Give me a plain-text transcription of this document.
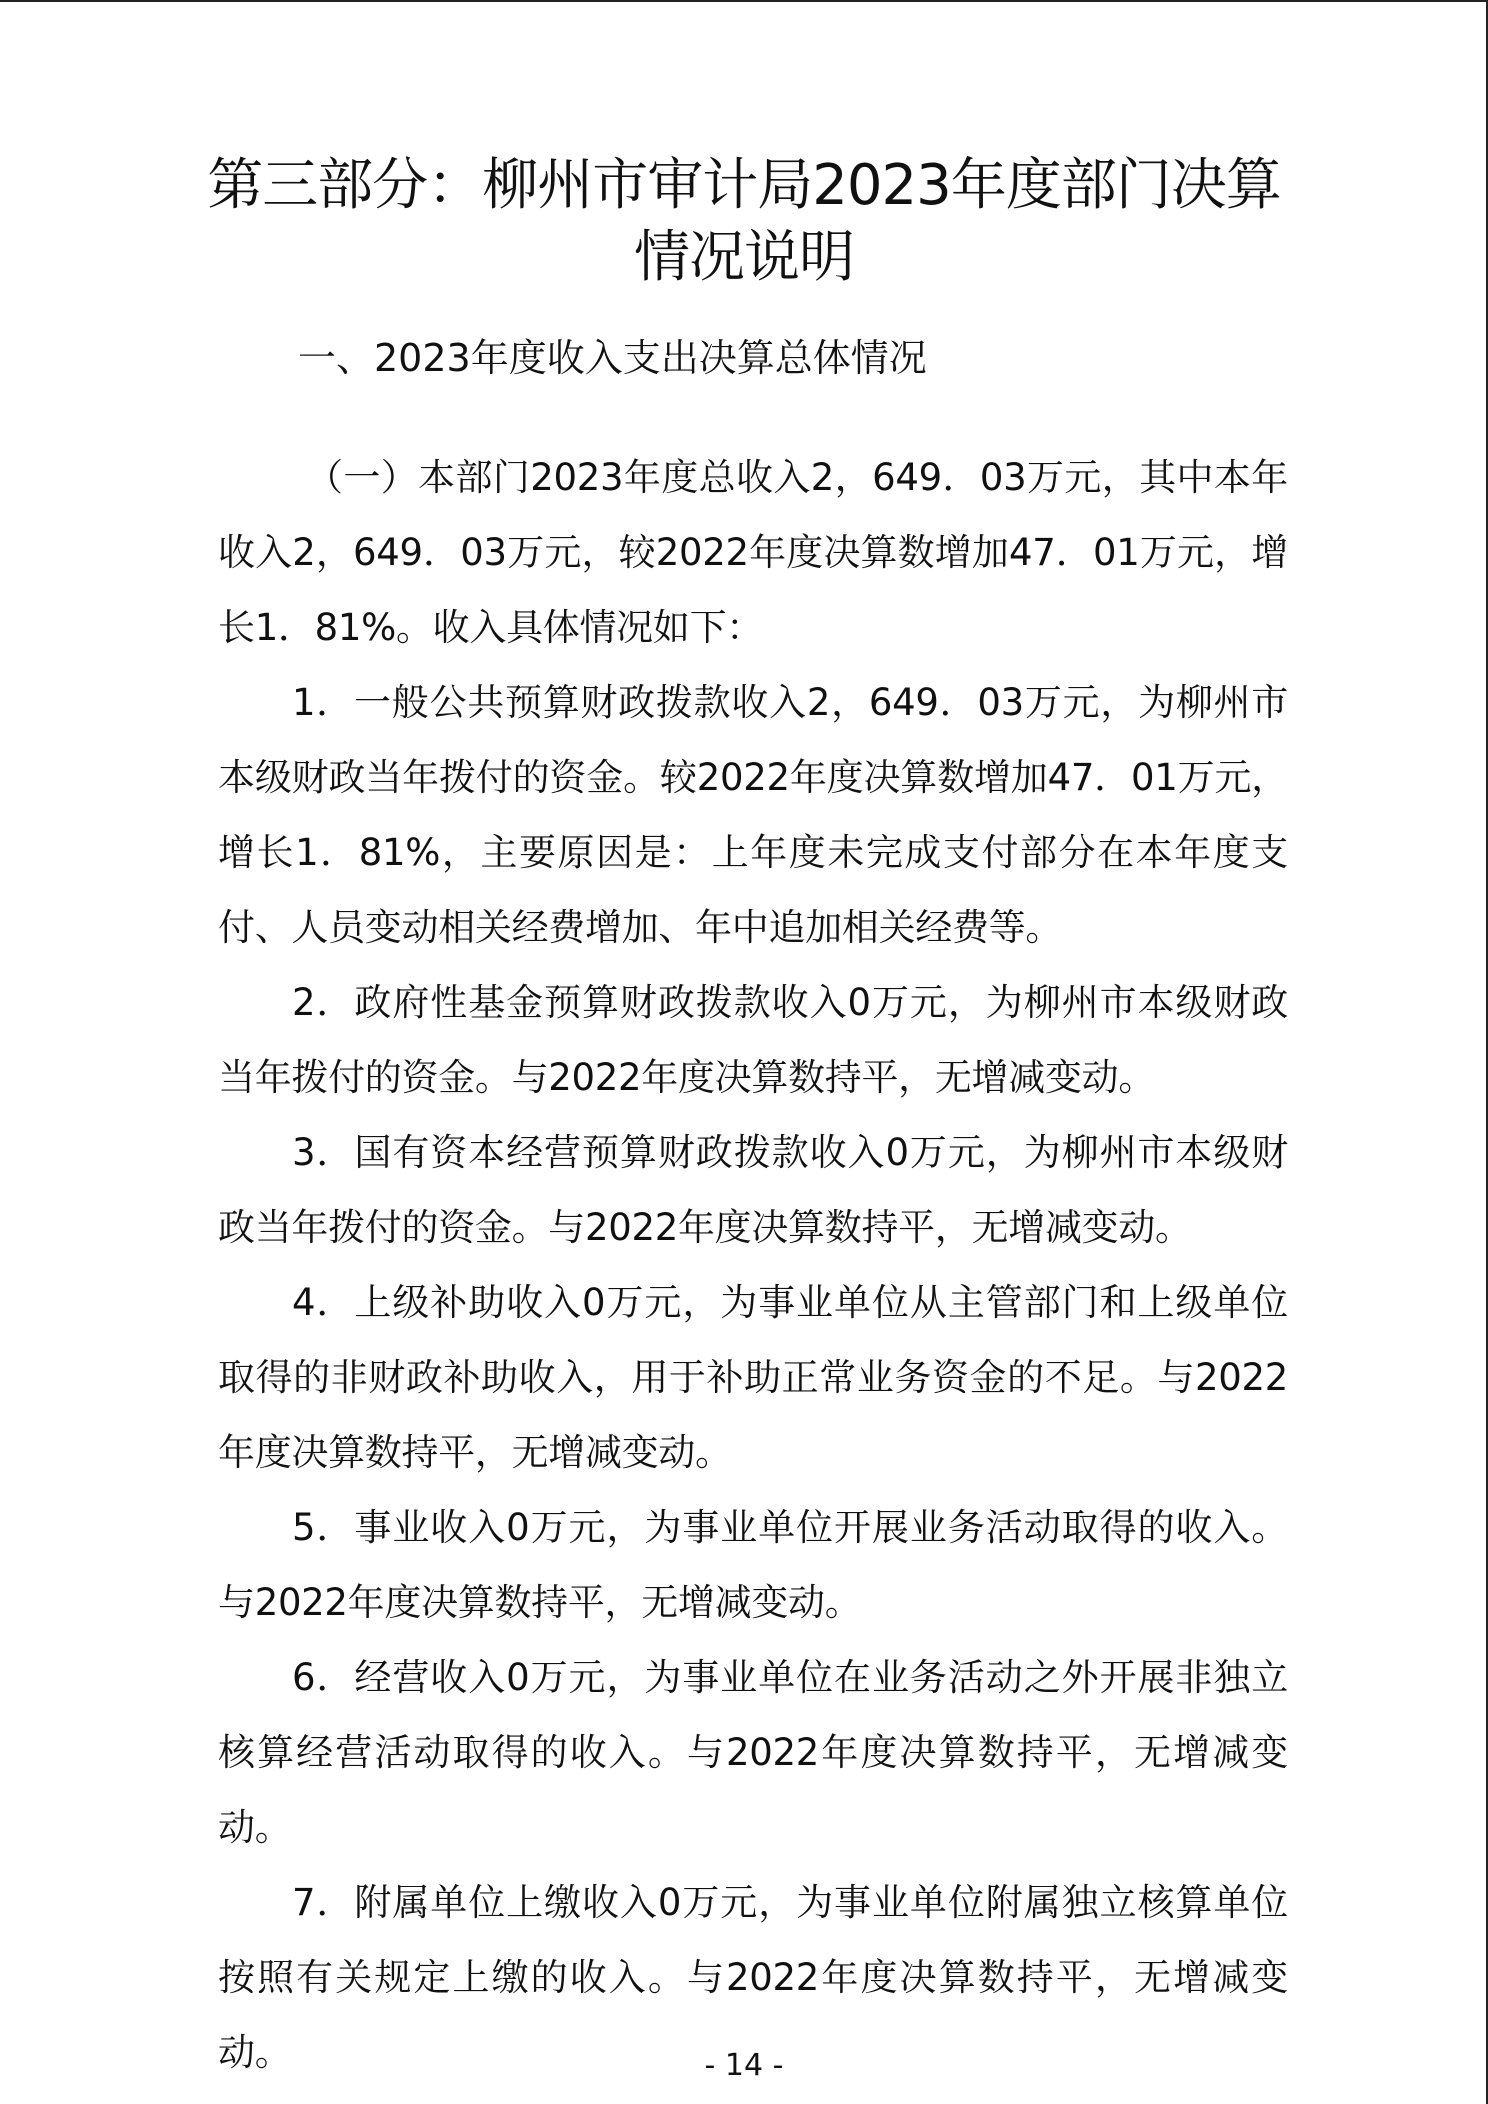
第三部分：柳州市审计局2023年度部门决算
情况说明
一、2023年度收入支出决算总体情况

（一）本部门2023年度总收入2，649．03万元，其中本年收入2，649．03万元，较2022年度决算数增加47．01万元，增长1．81%。收入具体情况如下：

1．一般公共预算财政拨款收入2，649．03万元，为柳州市本级财政当年拨付的资金。较2022年度决算数增加47．01万元，增长1．81%，主要原因是：上年度未完成支付部分在本年度支付、人员变动相关经费增加、年中追加相关经费等。

2．政府性基金预算财政拨款收入0万元，为柳州市本级财政当年拨付的资金。与2022年度决算数持平，无增减变动。

3．国有资本经营预算财政拨款收入0万元，为柳州市本级财政当年拨付的资金。与2022年度决算数持平，无增减变动。

4．上级补助收入0万元，为事业单位从主管部门和上级单位取得的非财政补助收入，用于补助正常业务资金的不足。与2022年度决算数持平，无增减变动。

5．事业收入0万元，为事业单位开展业务活动取得的收入。与2022年度决算数持平，无增减变动。

6．经营收入0万元，为事业单位在业务活动之外开展非独立核算经营活动取得的收入。与2022年度决算数持平，无增减变动。

7．附属单位上缴收入0万元，为事业单位附属独立核算单位按照有关规定上缴的收入。与2022年度决算数持平，无增减变动。	- 14 -
